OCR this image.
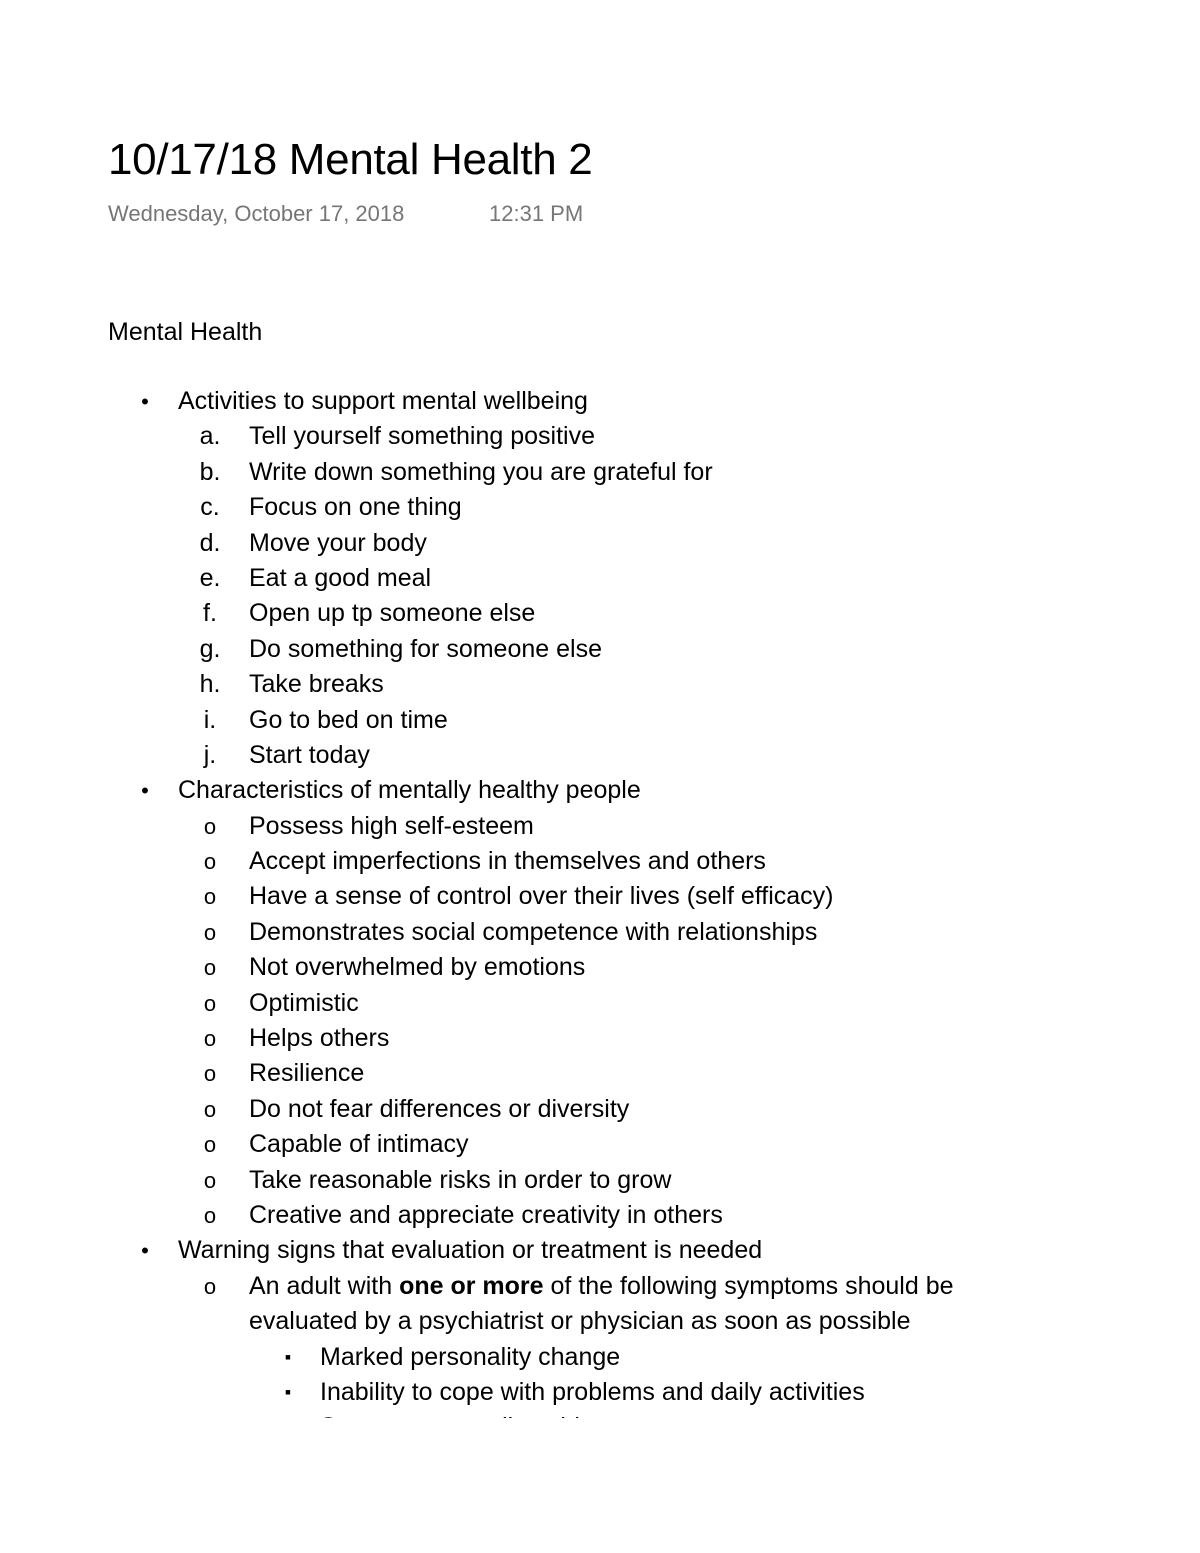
10/17/18 Mental Health 2
Wednesday, October 17, 2018	12:31 PM
Mental Health
•	Activities to support mental wellbeing
a.	Tell yourself something positive
b.	Write down something you are grateful for
c.	Focus on one thing
d.	Move your body
e.	Eat a good meal
f.	Open up tp someone else
g.	Do something for someone else
h.	Take breaks
i.	Go to bed on time
j.	Start today
•	Characteristics of mentally healthy people
o	Possess high self-esteem
o	Accept imperfections in themselves and others
o	Have a sense of control over their lives (self efficacy)
o	Demonstrates social competence with relationships
o	Not overwhelmed by emotions
o	Optimistic
o	Helps others
o	Resilience
o	Do not fear differences or diversity
o	Capable of intimacy
o	Take reasonable risks in order to grow
o	Creative and appreciate creativity in others
•	Warning signs that evaluation or treatment is needed
o	An adult with one or more of the following symptoms should be evaluated by a psychiatrist or physician as soon as possible
▪	Marked personality change
▪	Inability to cope with problems and daily activities
